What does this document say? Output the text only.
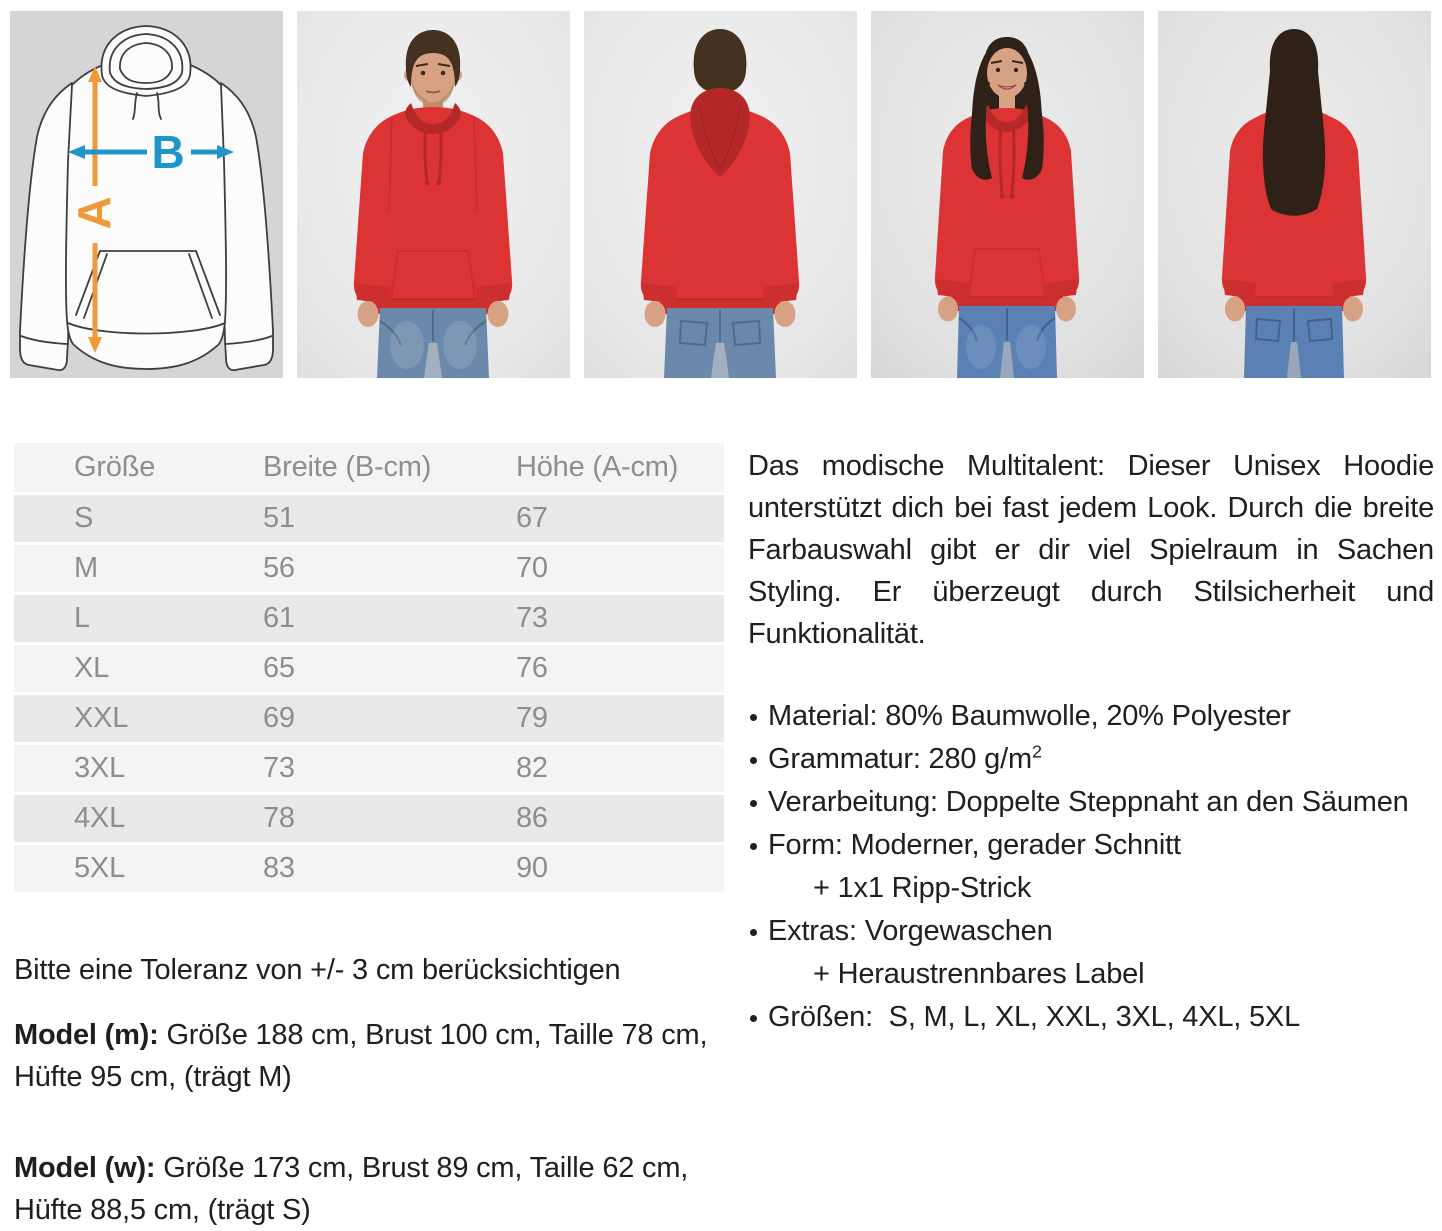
A
B
Größe	Breite (B-cm)	Höhe (A-cm)
S	51	67
M	56	70
L	61	73
XL	65	76
XXL	69	79
3XL	73	82
4XL	78	86
5XL	83	90

Bitte eine Toleranz von +/- 3 cm berücksichtigen

Model (m): Größe 188 cm, Brust 100 cm, Taille 78 cm, Hüfte 95 cm, (trägt M)

Model (w): Größe 173 cm, Brust 89 cm, Taille 62 cm, Hüfte 88,5 cm, (trägt S)

Das modische Multitalent: Dieser Unisex Hoodie unterstützt dich bei fast jedem Look. Durch die breite Farbauswahl gibt er dir viel Spielraum in Sachen Styling. Er überzeugt durch Stilsicherheit und Funktionalität.

Material: 80% Baumwolle, 20% Polyester
Grammatur: 280 $g/m^2$
Verarbeitung: Doppelte Steppnaht an den Säumen
Form: Moderner, gerader Schnitt
+ 1x1 Ripp-Strick
Extras: Vorgewaschen
+ Heraustrennbares Label
Größen:  S, M, L, XL, XXL, 3XL, 4XL, 5XL
